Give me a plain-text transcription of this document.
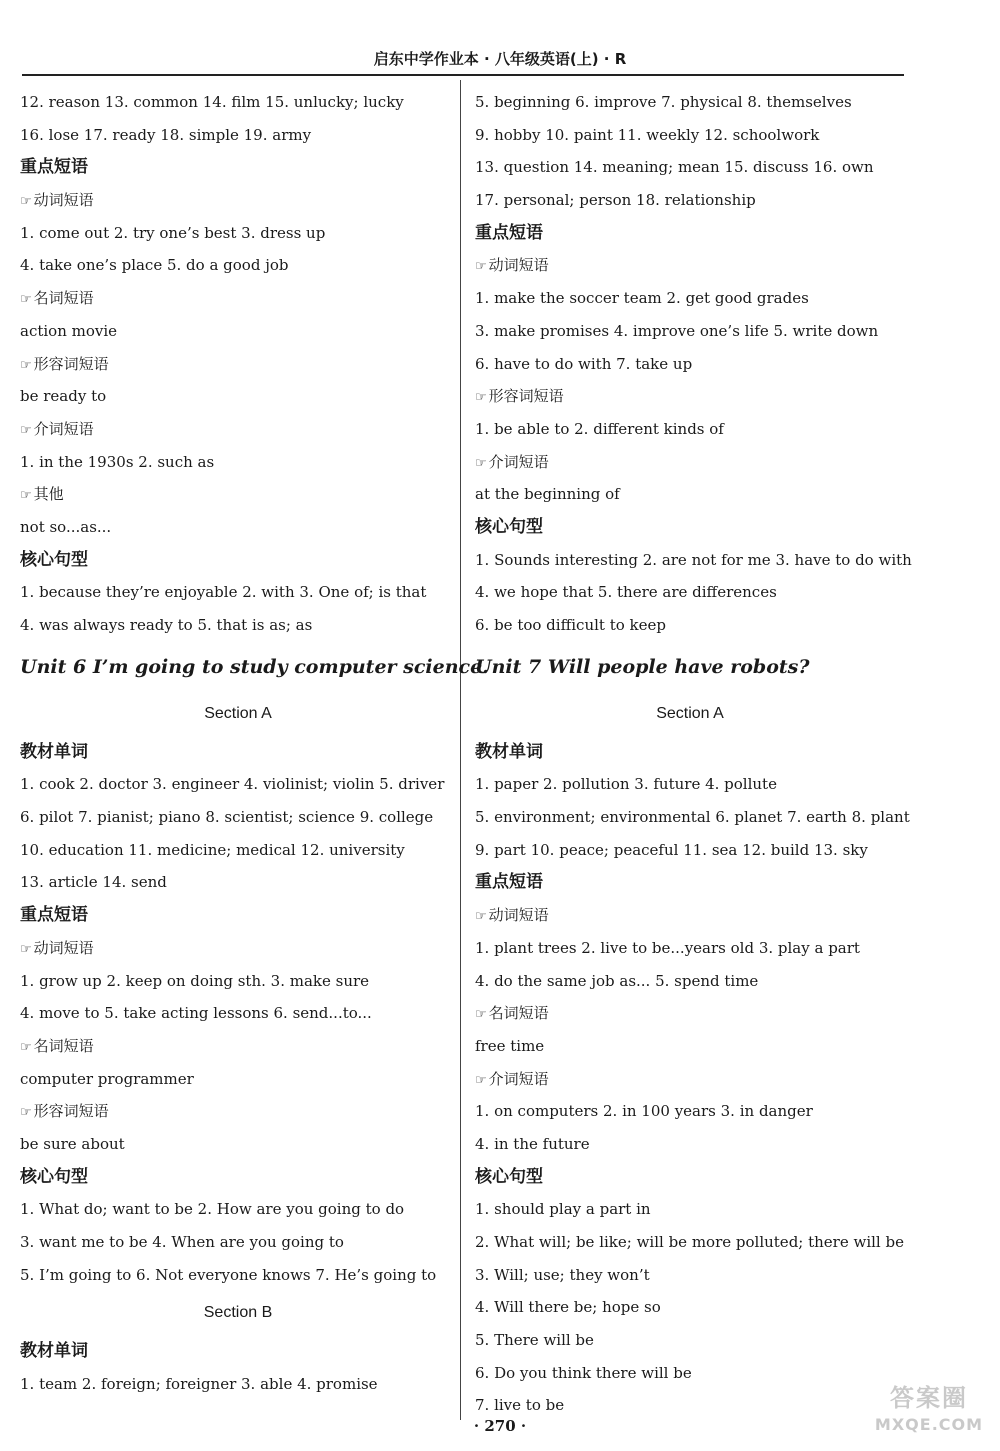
启东中学作业本 · 八年级英语(上) · R
12. reason 13. common 14. film 15. unlucky; lucky
16. lose 17. ready 18. simple 19. army
重点短语
☞ 动词短语
1. come out 2. try one’s best 3. dress up
4. take one’s place 5. do a good job
☞ 名词短语
action movie
☞ 形容词短语
be ready to
☞ 介词短语
1. in the 1930s 2. such as
☞ 其他
not so...as...
核心句型
1. because they’re enjoyable 2. with 3. One of; is that
4. was always ready to 5. that is as; as
Unit 6 I’m going to study computer science.
Section A
教材单词
1. cook 2. doctor 3. engineer 4. violinist; violin 5. driver
6. pilot 7. pianist; piano 8. scientist; science 9. college
10. education 11. medicine; medical 12. university
13. article 14. send
重点短语
☞ 动词短语
1. grow up 2. keep on doing sth. 3. make sure
4. move to 5. take acting lessons 6. send...to...
☞ 名词短语
computer programmer
☞ 形容词短语
be sure about
核心句型
1. What do; want to be 2. How are you going to do
3. want me to be 4. When are you going to
5. I’m going to 6. Not everyone knows 7. He’s going to
Section B
教材单词
1. team 2. foreign; foreigner 3. able 4. promise
5. beginning 6. improve 7. physical 8. themselves
9. hobby 10. paint 11. weekly 12. schoolwork
13. question 14. meaning; mean 15. discuss 16. own
17. personal; person 18. relationship
重点短语
☞ 动词短语
1. make the soccer team 2. get good grades
3. make promises 4. improve one’s life 5. write down
6. have to do with 7. take up
☞ 形容词短语
1. be able to 2. different kinds of
☞ 介词短语
at the beginning of
核心句型
1. Sounds interesting 2. are not for me 3. have to do with
4. we hope that 5. there are differences
6. be too difficult to keep
Unit 7 Will people have robots?
Section A
教材单词
1. paper 2. pollution 3. future 4. pollute
5. environment; environmental 6. planet 7. earth 8. plant
9. part 10. peace; peaceful 11. sea 12. build 13. sky
重点短语
☞ 动词短语
1. plant trees 2. live to be...years old 3. play a part
4. do the same job as... 5. spend time
☞ 名词短语
free time
☞ 介词短语
1. on computers 2. in 100 years 3. in danger
4. in the future
核心句型
1. should play a part in
2. What will; be like; will be more polluted; there will be
3. Will; use; they won’t
4. Will there be; hope so
5. There will be
6. Do you think there will be
7. live to be
· 270 ·
答案圈
MXQE.COM
